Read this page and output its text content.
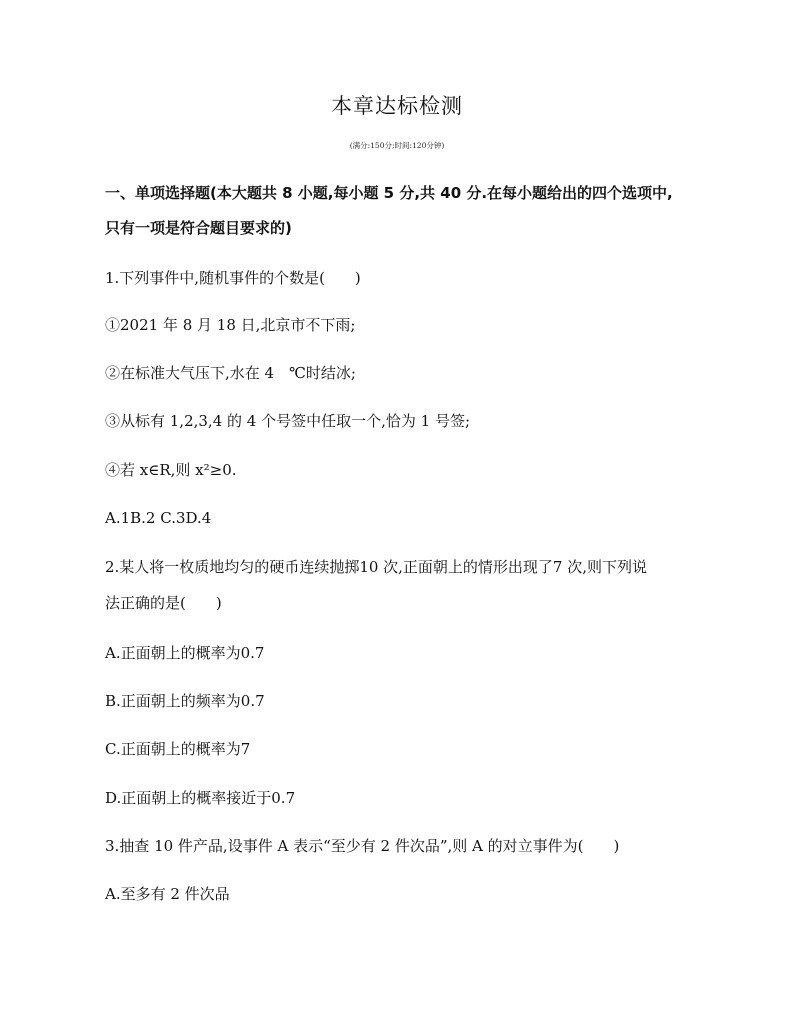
本章达标检测
(满分:150分;时间:120分钟)
一、单项选择题(本大题共 8 小题,每小题 5 分,共 40 分.在每小题给出的四个选项中,
只有一项是符合题目要求的)
1.下列事件中,随机事件的个数是(　　)
①2021 年 8 月 18 日,北京市不下雨;
②在标准大气压下,水在 4　℃时结冰;
③从标有 1,2,3,4 的 4 个号签中任取一个,恰为 1 号签;
④若 x∈R,则 x²≥0.
A.1B.2 C.3D.4
2.某人将一枚质地均匀的硬币连续抛掷10 次,正面朝上的情形出现了7 次,则下列说
法正确的是(　　)
A.正面朝上的概率为0.7
B.正面朝上的频率为0.7
C.正面朝上的概率为7
D.正面朝上的概率接近于0.7
3.抽查 10 件产品,设事件 A 表示“至少有 2 件次品”,则 A 的对立事件为(　　)
A.至多有 2 件次品
